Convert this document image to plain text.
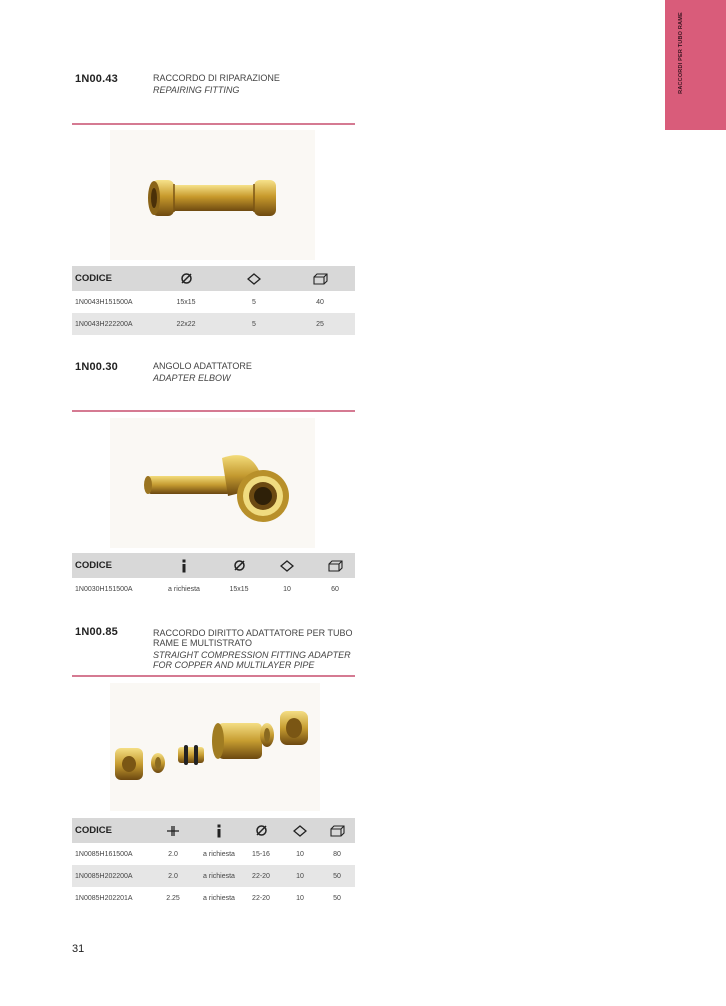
RACCORDI PER TUBO RAME
1N00.43	RACCORDO DI RIPARAZIONE
REPAIRING FITTING
CODICE			
1N0043H151500A	15x15	5	40
1N0043H222200A	22x22	5	25
1N00.30	ANGOLO ADATTATORE
ADAPTER ELBOW
CODICE				
1N0030H151500A	a richiesta	15x15	10	60
1N00.85	RACCORDO DIRITTO ADATTATORE PER TUBO RAME E MULTISTRATO
STRAIGHT COMPRESSION FITTING ADAPTER FOR COPPER AND MULTILAYER PIPE
CODICE					
1N0085H161500A	2.0	a richiesta	15-16	10	80
1N0085H202200A	2.0	a richiesta	22-20	10	50
1N0085H202201A	2.25	a richiesta	22-20	10	50
31
